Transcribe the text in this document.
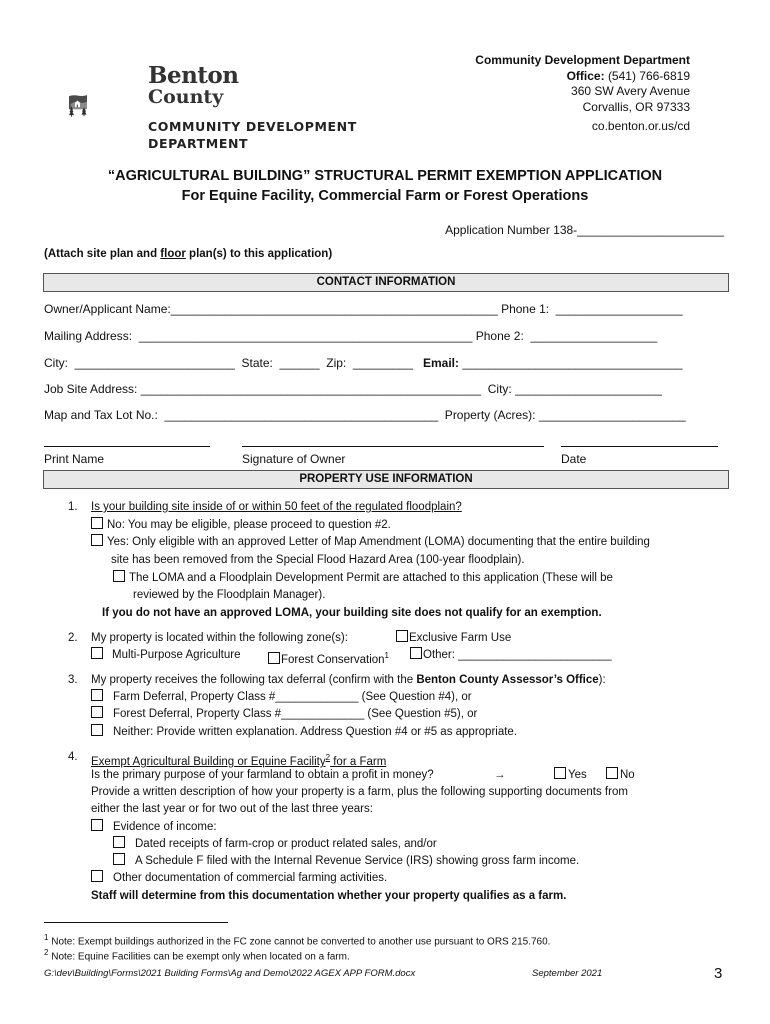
Benton
County
COMMUNITY DEVELOPMENT
DEPARTMENT
Community Development Department
Office: (541) 766-6819
360 SW Avery Avenue
Corvallis, OR 97333
co.benton.or.us/cd
“AGRICULTURAL BUILDING” STRUCTURAL PERMIT EXEMPTION APPLICATION
For Equine Facility, Commercial Farm or Forest Operations
Application Number 138-______________________
(Attach site plan and floor plan(s) to this application)
CONTACT INFORMATION
Owner/Applicant Name:_________________________________________________ Phone 1:  ___________________
Mailing Address:  __________________________________________________ Phone 2:  ___________________
City:  ________________________  State:  ______  Zip:  _________   Email: _________________________________
Job Site Address: ___________________________________________________  City: ______________________
Map and Tax Lot No.:  _________________________________________  Property (Acres): ______________________
Print Name	Signature of Owner	Date
PROPERTY USE INFORMATION
1. Is your building site inside of or within 50 feet of the regulated floodplain?
No: You may be eligible, please proceed to question #2.
Yes: Only eligible with an approved Letter of Map Amendment (LOMA) documenting that the entire building
site has been removed from the Special Flood Hazard Area (100-year floodplain).
The LOMA and a Floodplain Development Permit are attached to this application (These will be
reviewed by the Floodplain Manager).
If you do not have an approved LOMA, your building site does not qualify for an exemption.
2. My property is located within the following zone(s):	Exclusive Farm Use
Multi-Purpose Agriculture	Forest Conservation$^1$	Other: ________________________
3. My property receives the following tax deferral (confirm with the Benton County Assessor’s Office):
Farm Deferral, Property Class #_____________ (See Question #4), or
Forest Deferral, Property Class #_____________ (See Question #5), or
Neither: Provide written explanation. Address Question #4 or #5 as appropriate.
4. Exempt Agricultural Building or Equine Facility$^2$ for a Farm
Is the primary purpose of your farmland to obtain a profit in money?	→	Yes	No
Provide a written description of how your property is a farm, plus the following supporting documents from
either the last year or for two out of the last three years:
Evidence of income:
Dated receipts of farm-crop or product related sales, and/or
A Schedule F filed with the Internal Revenue Service (IRS) showing gross farm income.
Other documentation of commercial farming activities.
Staff will determine from this documentation whether your property qualifies as a farm.
$^1$ Note: Exempt buildings authorized in the FC zone cannot be converted to another use pursuant to ORS 215.760.
$^2$ Note: Equine Facilities can be exempt only when located on a farm.
G:\dev\Building\Forms\2021 Building Forms\Ag and Demo\2022 AGEX APP FORM.docx	September 2021	3
